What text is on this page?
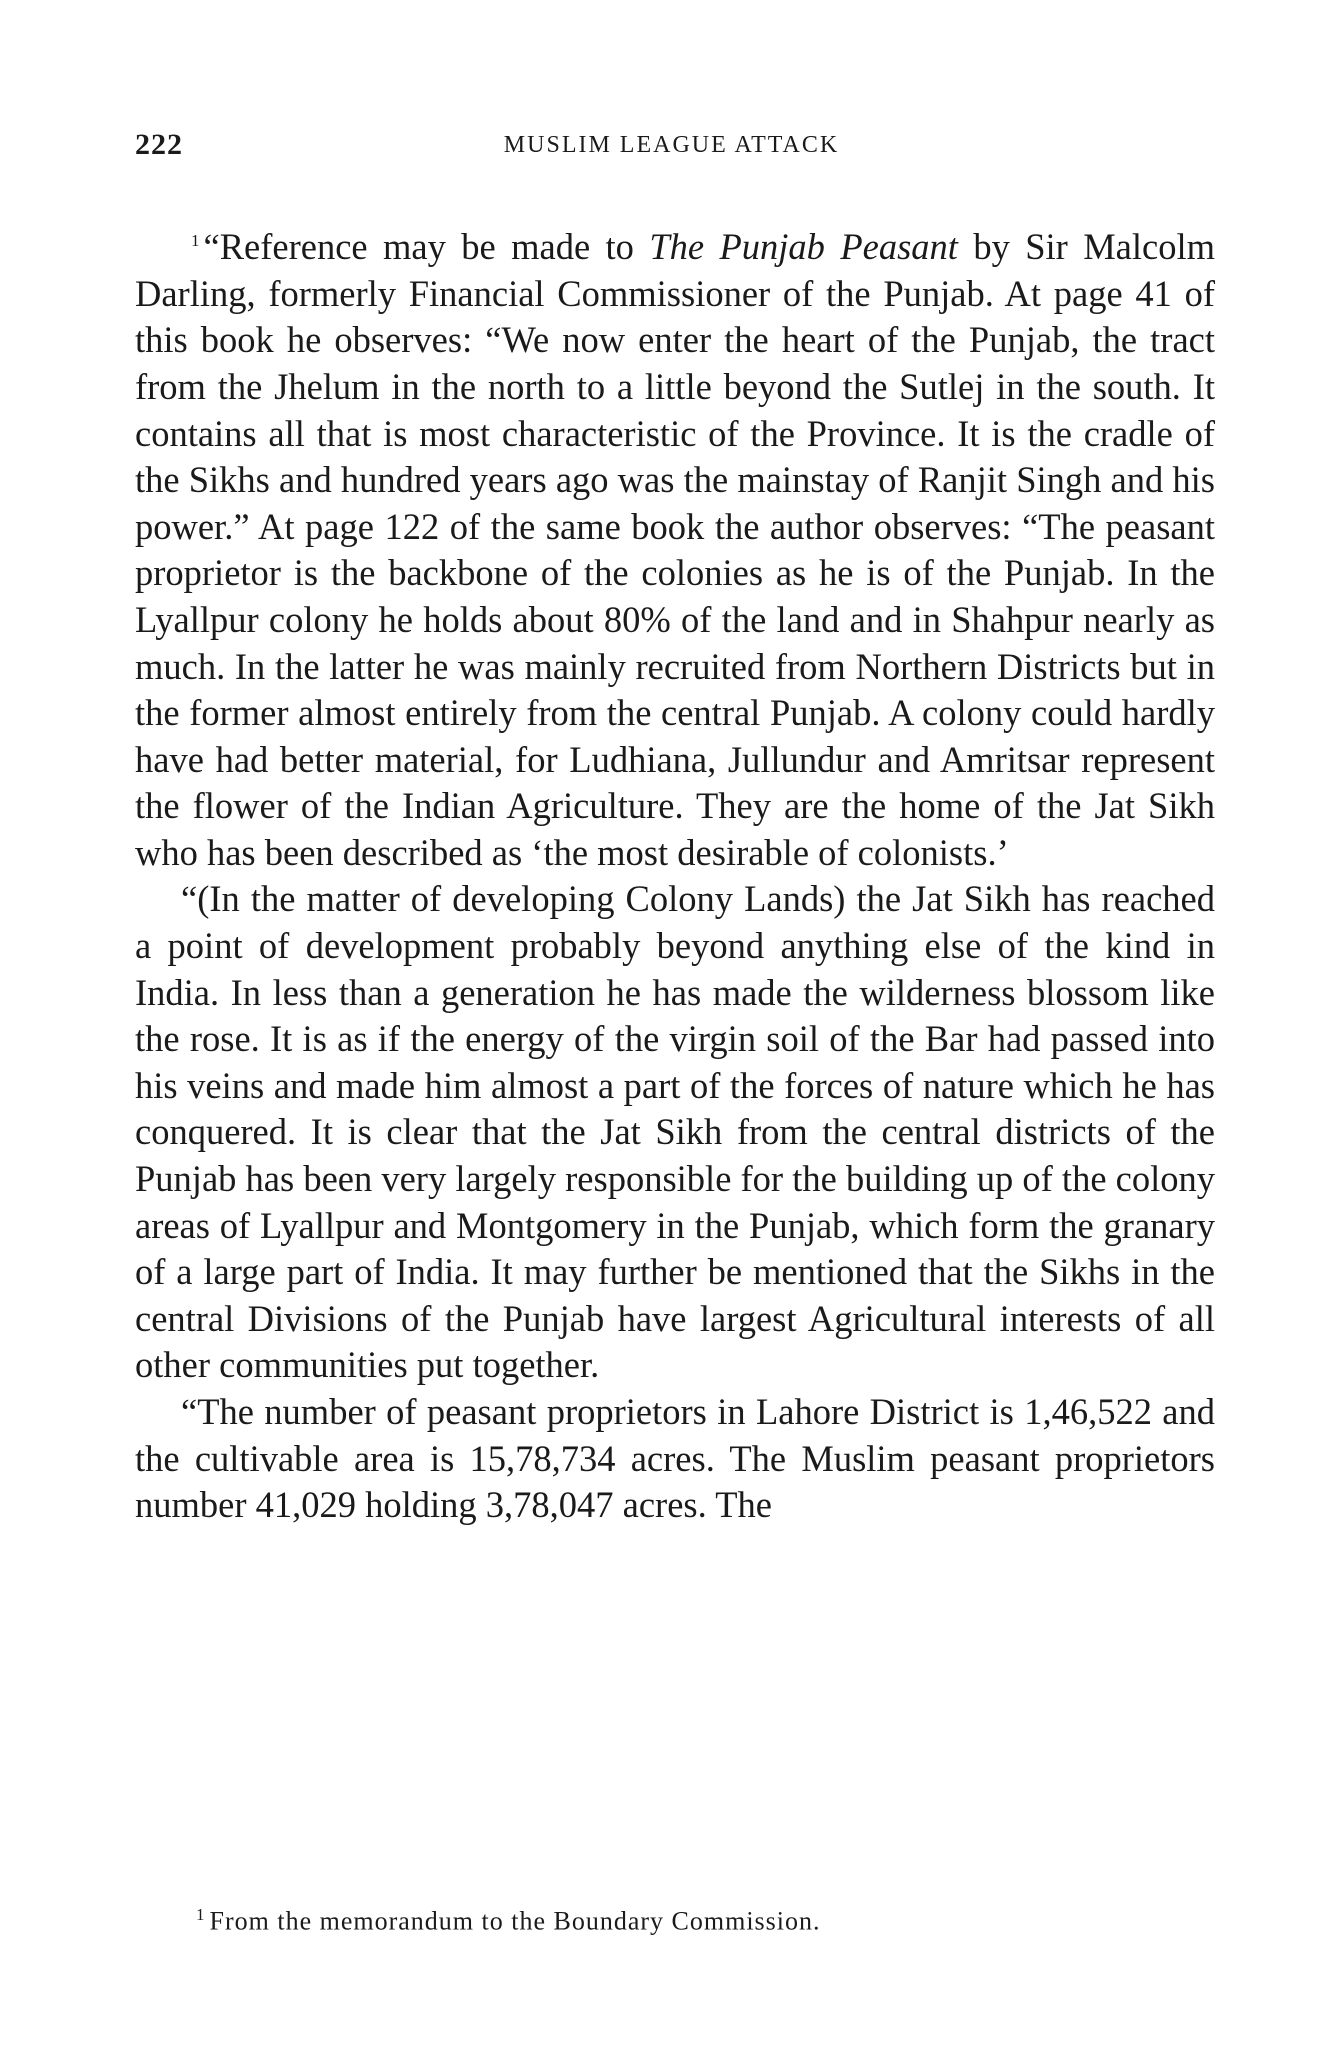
222	MUSLIM LEAGUE ATTACK

$^1$ “Reference may be made to The Punjab Peasant by Sir Malcolm Darling, formerly Financial Commissioner of the Punjab. At page 41 of this book he observes: “We now enter the heart of the Punjab, the tract from the Jhelum in the north to a little beyond the Sutlej in the south. It contains all that is most characteristic of the Province. It is the cradle of the Sikhs and hundred years ago was the mainstay of Ranjit Singh and his power.” At page 122 of the same book the author observes: “The peasant proprietor is the backbone of the colonies as he is of the Punjab. In the Lyallpur colony he holds about 80% of the land and in Shahpur nearly as much. In the latter he was mainly recruited from Northern Districts but in the former almost entirely from the central Punjab. A colony could hardly have had better material, for Ludhiana, Jullundur and Amritsar represent the flower of the Indian Agriculture. They are the home of the Jat Sikh who has been described as ‘the most desirable of colonists.’

“(In the matter of developing Colony Lands) the Jat Sikh has reached a point of development probably beyond anything else of the kind in India. In less than a generation he has made the wilderness blossom like the rose. It is as if the energy of the virgin soil of the Bar had passed into his veins and made him almost a part of the forces of nature which he has conquered. It is clear that the Jat Sikh from the central districts of the Punjab has been very largely responsible for the building up of the colony areas of Lyallpur and Montgomery in the Punjab, which form the granary of a large part of India. It may further be mentioned that the Sikhs in the central Divisions of the Punjab have largest Agricultural interests of all other communities put together.

“The number of peasant proprietors in Lahore District is 1,46,522 and the cultivable area is 15,78,734 acres. The Muslim peasant proprietors number 41,029 holding 3,78,047 acres. The

$^1$ From the memorandum to the Boundary Commission.
